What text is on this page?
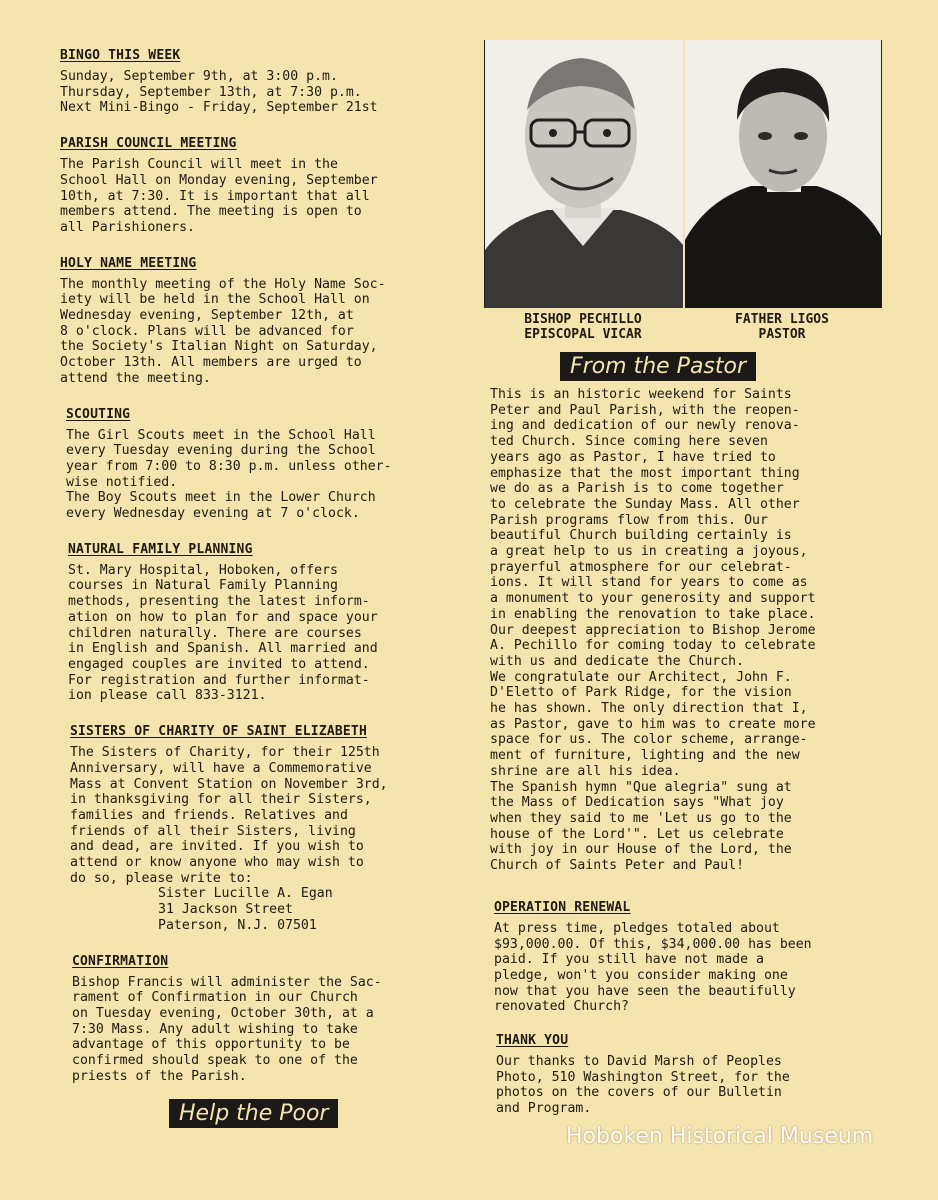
BINGO THIS WEEK

Sunday, September 9th, at 3:00 p.m.
Thursday, September 13th, at 7:30 p.m.
Next Mini-Bingo - Friday, September 21st

PARISH COUNCIL MEETING

The Parish Council will meet in the
School Hall on Monday evening, September
10th, at 7:30. It is important that all
members attend. The meeting is open to
all Parishioners.

HOLY NAME MEETING

The monthly meeting of the Holy Name Soc-
iety will be held in the School Hall on
Wednesday evening, September 12th, at
8 o'clock. Plans will be advanced for
the Society's Italian Night on Saturday,
October 13th. All members are urged to
attend the meeting.

SCOUTING

The Girl Scouts meet in the School Hall
every Tuesday evening during the School
year from 7:00 to 8:30 p.m. unless other-
wise notified.
The Boy Scouts meet in the Lower Church
every Wednesday evening at 7 o'clock.

NATURAL FAMILY PLANNING

St. Mary Hospital, Hoboken, offers
courses in Natural Family Planning
methods, presenting the latest inform-
ation on how to plan for and space your
children naturally. There are courses
in English and Spanish. All married and
engaged couples are invited to attend.
For registration and further informat-
ion please call 833-3121.

SISTERS OF CHARITY OF SAINT ELIZABETH

The Sisters of Charity, for their 125th
Anniversary, will have a Commemorative
Mass at Convent Station on November 3rd,
in thanksgiving for all their Sisters,
families and friends. Relatives and
friends of all their Sisters, living
and dead, are invited. If you wish to
attend or know anyone who may wish to
do so, please write to:

Sister Lucille A. Egan
31 Jackson Street
Paterson, N.J. 07501

CONFIRMATION

Bishop Francis will administer the Sac-
rament of Confirmation in our Church
on Tuesday evening, October 30th, at a
7:30 Mass. Any adult wishing to take
advantage of this opportunity to be
confirmed should speak to one of the
priests of the Parish.

Help the Poor
BISHOP PECHILLO
EPISCOPAL VICAR
FATHER LIGOS
PASTOR
From the Pastor

This is an historic weekend for Saints
Peter and Paul Parish, with the reopen-
ing and dedication of our newly renova-
ted Church. Since coming here seven
years ago as Pastor, I have tried to
emphasize that the most important thing
we do as a Parish is to come together
to celebrate the Sunday Mass. All other
Parish programs flow from this. Our
beautiful Church building certainly is
a great help to us in creating a joyous,
prayerful atmosphere for our celebrat-
ions. It will stand for years to come as
a monument to your generosity and support
in enabling the renovation to take place.
Our deepest appreciation to Bishop Jerome
A. Pechillo for coming today to celebrate
with us and dedicate the Church.
We congratulate our Architect, John F.
D'Eletto of Park Ridge, for the vision
he has shown. The only direction that I,
as Pastor, gave to him was to create more
space for us. The color scheme, arrange-
ment of furniture, lighting and the new
shrine are all his idea.
The Spanish hymn "Que alegria" sung at
the Mass of Dedication says "What joy
when they said to me 'Let us go to the
house of the Lord'". Let us celebrate
with joy in our House of the Lord, the
Church of Saints Peter and Paul!

OPERATION RENEWAL

At press time, pledges totaled about
$93,000.00. Of this, $34,000.00 has been
paid. If you still have not made a
pledge, won't you consider making one
now that you have seen the beautifully
renovated Church?

THANK YOU

Our thanks to David Marsh of Peoples
Photo, 510 Washington Street, for the
photos on the covers of our Bulletin
and Program.

Hoboken Historical Museum
